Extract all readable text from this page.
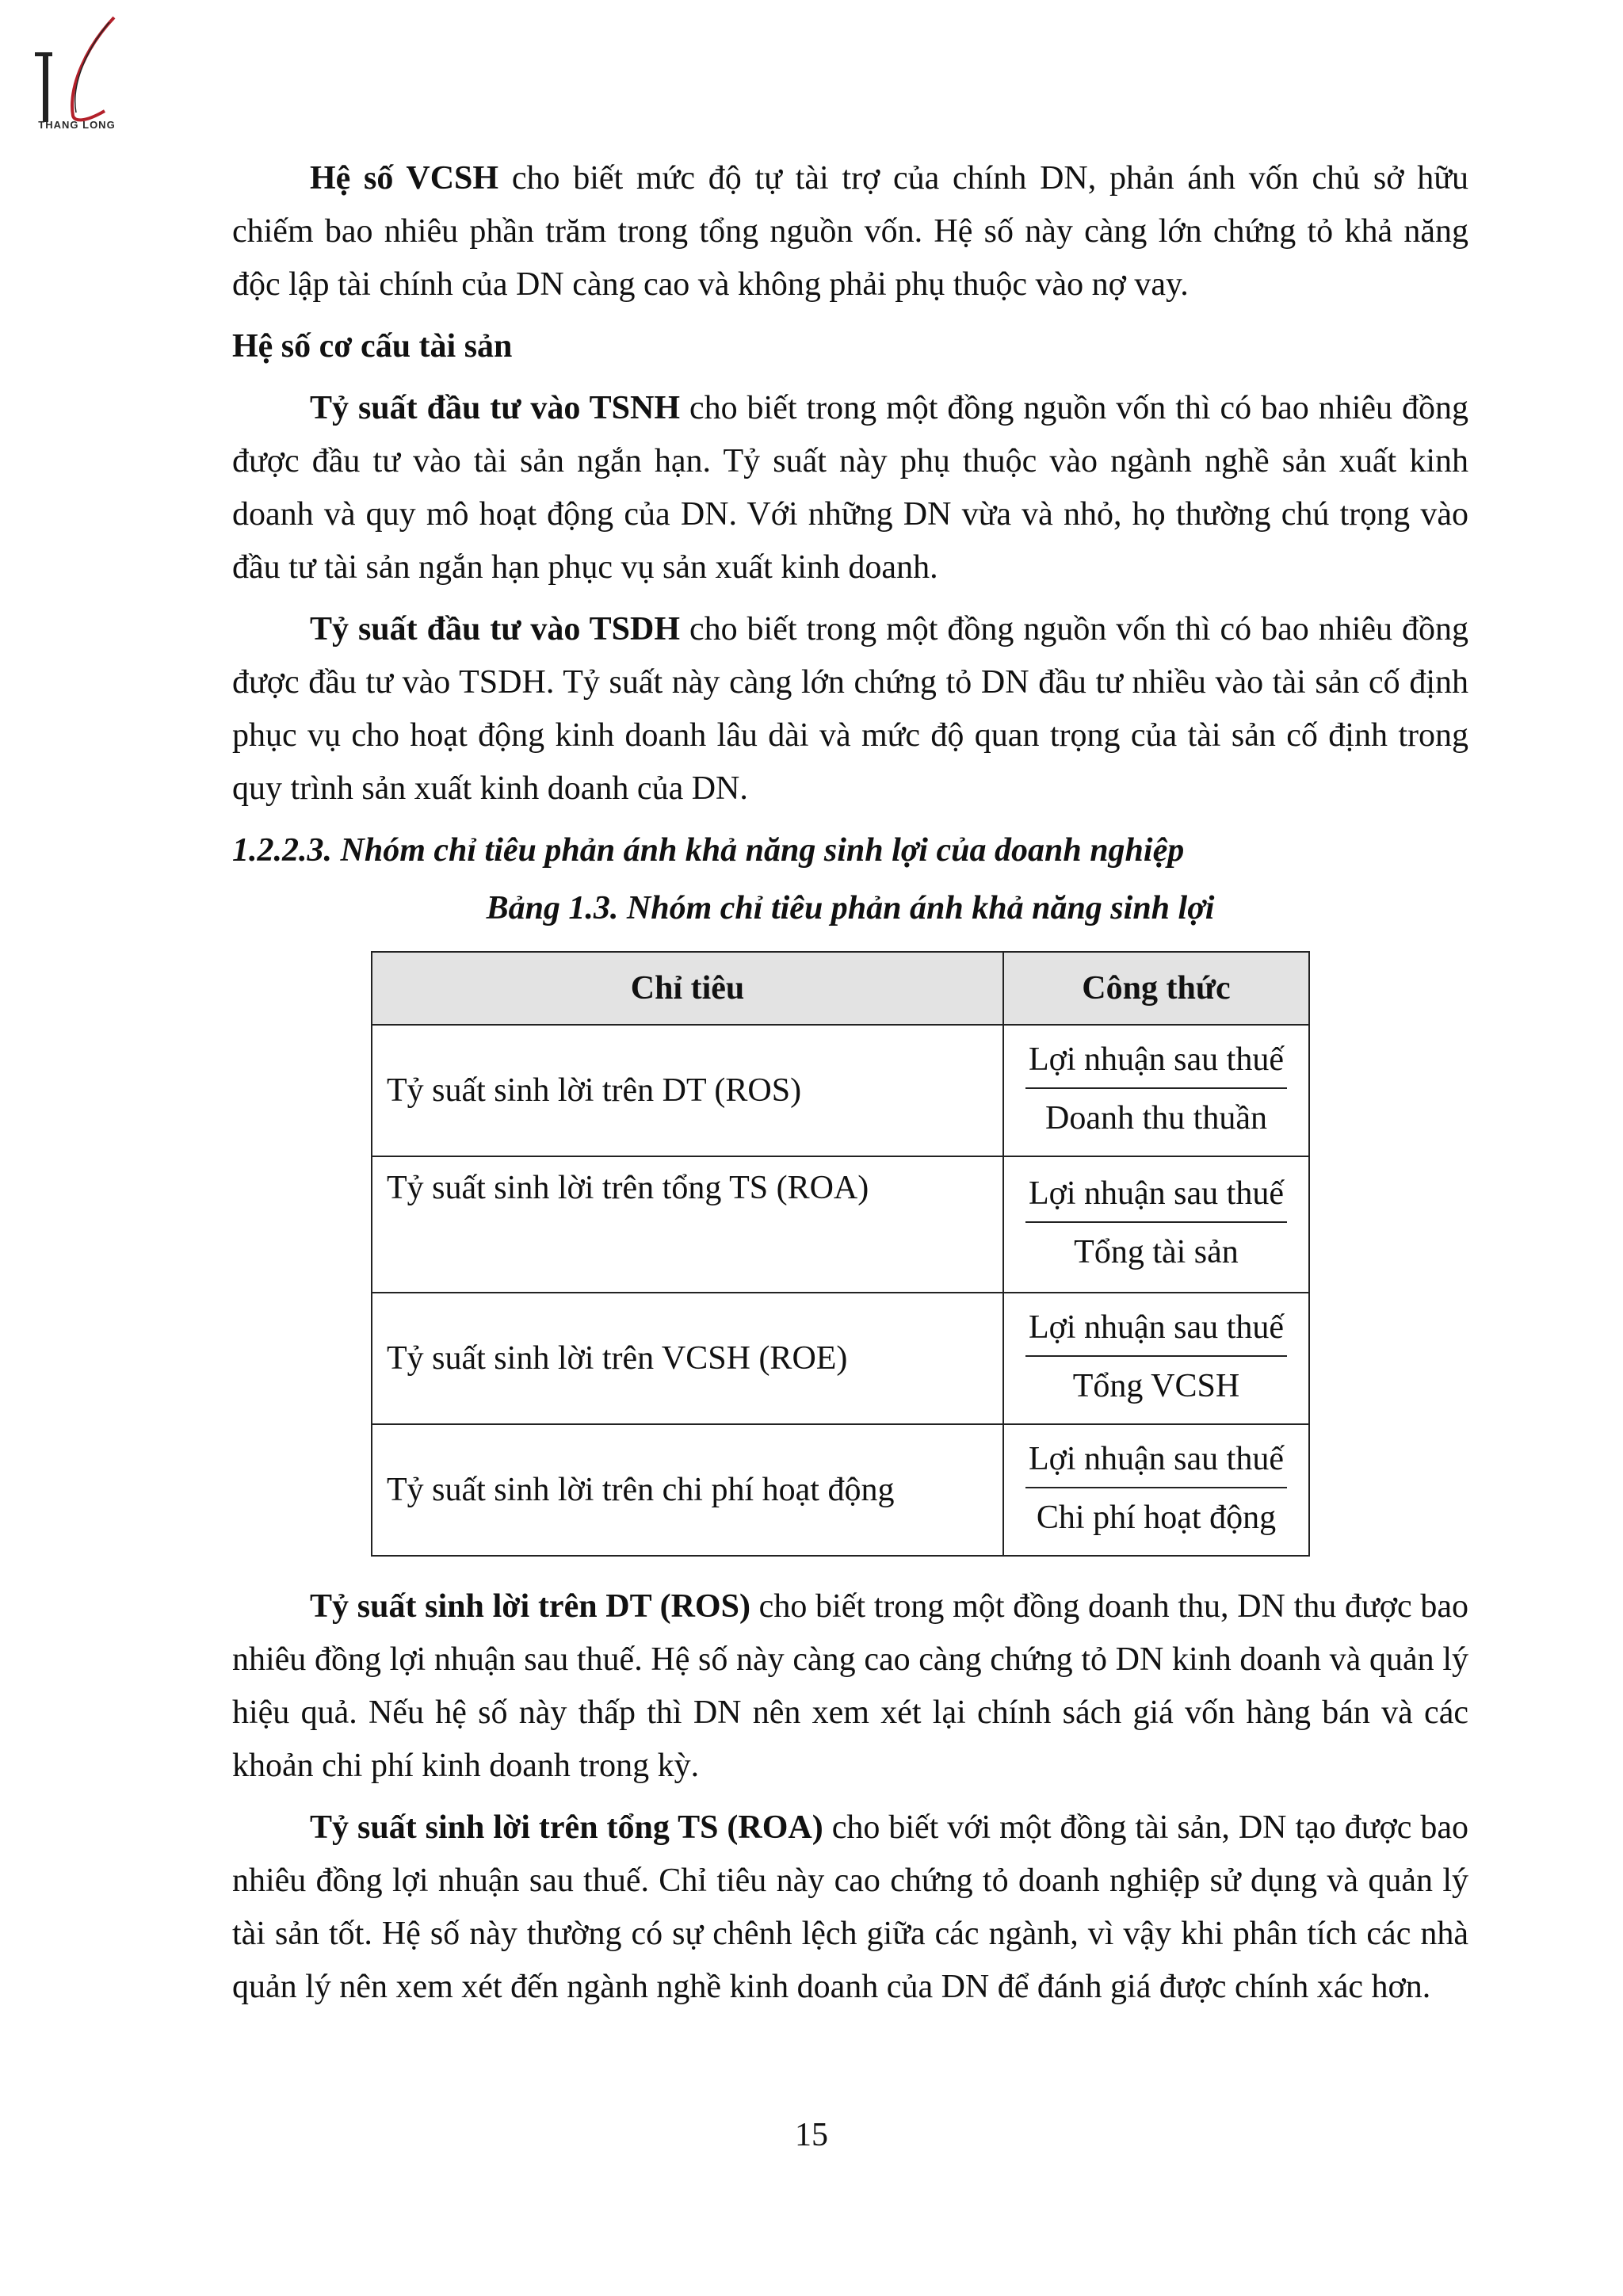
THANG LONG

Hệ số VCSH cho biết mức độ tự tài trợ của chính DN, phản ánh vốn chủ sở hữu chiếm bao nhiêu phần trăm trong tổng nguồn vốn. Hệ số này càng lớn chứng tỏ khả năng độc lập tài chính của DN càng cao và không phải phụ thuộc vào nợ vay.

Hệ số cơ cấu tài sản

Tỷ suất đầu tư vào TSNH cho biết trong một đồng nguồn vốn thì có bao nhiêu đồng được đầu tư vào tài sản ngắn hạn. Tỷ suất này phụ thuộc vào ngành nghề sản xuất kinh doanh và quy mô hoạt động của DN. Với những DN vừa và nhỏ, họ thường chú trọng vào đầu tư tài sản ngắn hạn phục vụ sản xuất kinh doanh.

Tỷ suất đầu tư vào TSDH cho biết trong một đồng nguồn vốn thì có bao nhiêu đồng được đầu tư vào TSDH. Tỷ suất này càng lớn chứng tỏ DN đầu tư nhiều vào tài sản cố định phục vụ cho hoạt động kinh doanh lâu dài và mức độ quan trọng của tài sản cố định trong quy trình sản xuất kinh doanh của DN.

1.2.2.3. Nhóm chỉ tiêu phản ánh khả năng sinh lợi của doanh nghiệp
Bảng 1.3. Nhóm chỉ tiêu phản ánh khả năng sinh lợi
Chỉ tiêu	Công thức
Tỷ suất sinh lời trên DT (ROS)	$\frac{\text{Lợi nhuận sau thuế}}{\text{Doanh thu thuần}}$

Tỷ suất sinh lời trên tổng TS (ROA)	$\frac{\text{Lợi nhuận sau thuế}}{\text{Tổng tài sản}}$

Tỷ suất sinh lời trên VCSH (ROE)	$\frac{\text{Lợi nhuận sau thuế}}{\text{Tổng VCSH}}$

Tỷ suất sinh lời trên chi phí hoạt động	$\frac{\text{Lợi nhuận sau thuế}}{\text{Chi phí hoạt động}}$

Tỷ suất sinh lời trên DT (ROS) cho biết trong một đồng doanh thu, DN thu được bao nhiêu đồng lợi nhuận sau thuế. Hệ số này càng cao càng chứng tỏ DN kinh doanh và quản lý hiệu quả. Nếu hệ số này thấp thì DN nên xem xét lại chính sách giá vốn hàng bán và các khoản chi phí kinh doanh trong kỳ.

Tỷ suất sinh lời trên tổng TS (ROA) cho biết với một đồng tài sản, DN tạo được bao nhiêu đồng lợi nhuận sau thuế. Chỉ tiêu này cao chứng tỏ doanh nghiệp sử dụng và quản lý tài sản tốt. Hệ số này thường có sự chênh lệch giữa các ngành, vì vậy khi phân tích các nhà quản lý nên xem xét đến ngành nghề kinh doanh của DN để đánh giá được chính xác hơn.

15
